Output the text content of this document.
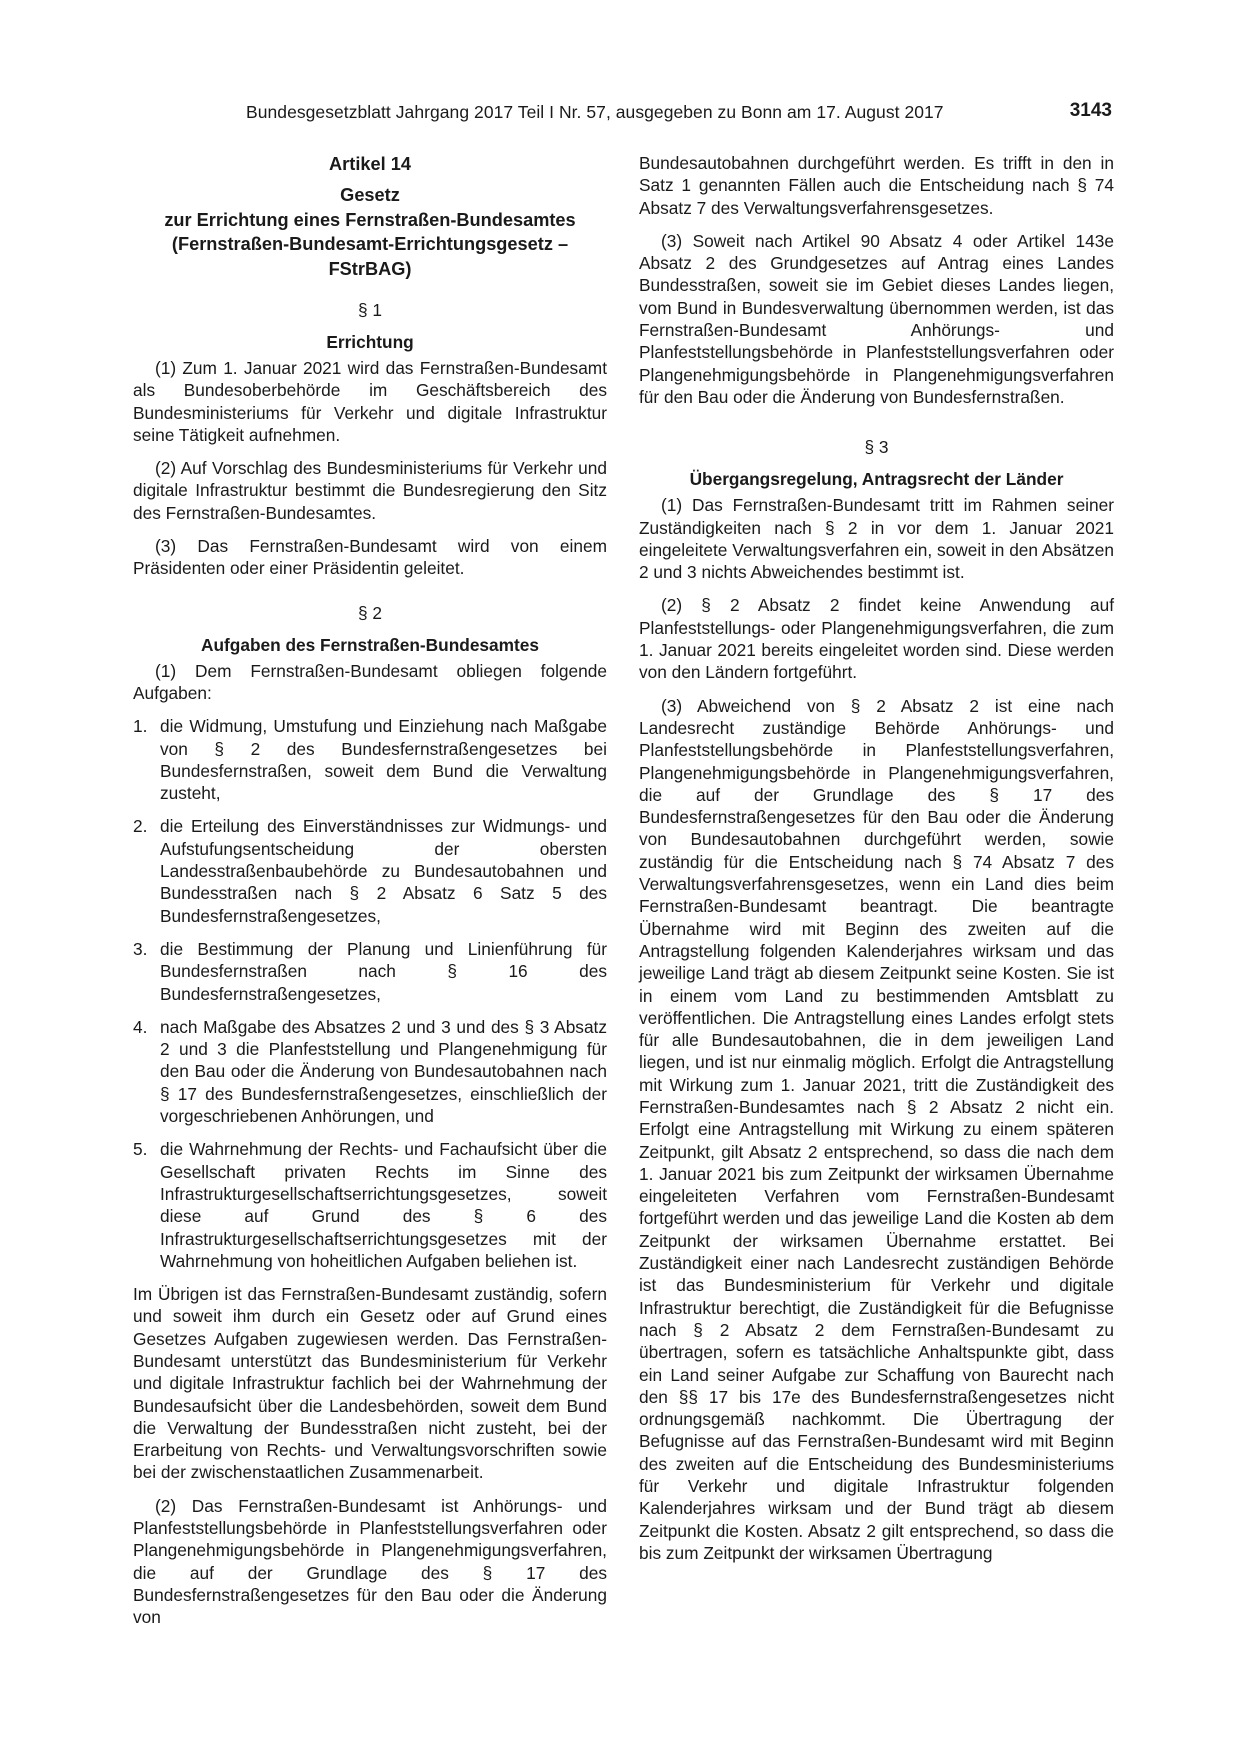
Bundesgesetzblatt Jahrgang 2017 Teil I Nr. 57, ausgegeben zu Bonn am 17. August 2017	3143
Artikel 14
Gesetz
zur Errichtung eines Fernstraßen-Bundesamtes
(Fernstraßen-Bundesamt-Errichtungsgesetz –
FStrBAG)
§ 1
Errichtung

(1) Zum 1. Januar 2021 wird das Fernstraßen-Bundesamt als Bundesoberbehörde im Geschäftsbereich des Bundesministeriums für Verkehr und digitale Infrastruktur seine Tätigkeit aufnehmen.

(2) Auf Vorschlag des Bundesministeriums für Verkehr und digitale Infrastruktur bestimmt die Bundesregierung den Sitz des Fernstraßen-Bundesamtes.

(3) Das Fernstraßen-Bundesamt wird von einem Präsidenten oder einer Präsidentin geleitet.

§ 2
Aufgaben des Fernstraßen-Bundesamtes

(1) Dem Fernstraßen-Bundesamt obliegen folgende Aufgaben:

1. die Widmung, Umstufung und Einziehung nach Maßgabe von § 2 des Bundesfernstraßengesetzes bei Bundesfernstraßen, soweit dem Bund die Verwaltung zusteht,
2. die Erteilung des Einverständnisses zur Widmungs- und Aufstufungsentscheidung der obersten Landesstraßenbaubehörde zu Bundesautobahnen und Bundesstraßen nach § 2 Absatz 6 Satz 5 des Bundesfernstraßengesetzes,
3. die Bestimmung der Planung und Linienführung für Bundesfernstraßen nach § 16 des Bundesfernstraßengesetzes,
4. nach Maßgabe des Absatzes 2 und 3 und des § 3 Absatz 2 und 3 die Planfeststellung und Plangenehmigung für den Bau oder die Änderung von Bundesautobahnen nach § 17 des Bundesfernstraßengesetzes, einschließlich der vorgeschriebenen Anhörungen, und
5. die Wahrnehmung der Rechts- und Fachaufsicht über die Gesellschaft privaten Rechts im Sinne des Infrastrukturgesellschaftserrichtungsgesetzes, soweit diese auf Grund des § 6 des Infrastrukturgesellschaftserrichtungsgesetzes mit der Wahrnehmung von hoheitlichen Aufgaben beliehen ist.

Im Übrigen ist das Fernstraßen-Bundesamt zuständig, sofern und soweit ihm durch ein Gesetz oder auf Grund eines Gesetzes Aufgaben zugewiesen werden. Das Fernstraßen-Bundesamt unterstützt das Bundesministerium für Verkehr und digitale Infrastruktur fachlich bei der Wahrnehmung der Bundesaufsicht über die Landesbehörden, soweit dem Bund die Verwaltung der Bundesstraßen nicht zusteht, bei der Erarbeitung von Rechts- und Verwaltungsvorschriften sowie bei der zwischenstaatlichen Zusammenarbeit.

(2) Das Fernstraßen-Bundesamt ist Anhörungs- und Planfeststellungsbehörde in Planfeststellungsverfahren oder Plangenehmigungsbehörde in Plangenehmigungsverfahren, die auf der Grundlage des § 17 des Bundesfernstraßengesetzes für den Bau oder die Änderung von

Bundesautobahnen durchgeführt werden. Es trifft in den in Satz 1 genannten Fällen auch die Entscheidung nach § 74 Absatz 7 des Verwaltungsverfahrensgesetzes.

(3) Soweit nach Artikel 90 Absatz 4 oder Artikel 143e Absatz 2 des Grundgesetzes auf Antrag eines Landes Bundesstraßen, soweit sie im Gebiet dieses Landes liegen, vom Bund in Bundesverwaltung übernommen werden, ist das Fernstraßen-Bundesamt Anhörungs- und Planfeststellungsbehörde in Planfeststellungsverfahren oder Plangenehmigungsbehörde in Plangenehmigungsverfahren für den Bau oder die Änderung von Bundesfernstraßen.

§ 3
Übergangsregelung, Antragsrecht der Länder

(1) Das Fernstraßen-Bundesamt tritt im Rahmen seiner Zuständigkeiten nach § 2 in vor dem 1. Januar 2021 eingeleitete Verwaltungsverfahren ein, soweit in den Absätzen 2 und 3 nichts Abweichendes bestimmt ist.

(2) § 2 Absatz 2 findet keine Anwendung auf Planfeststellungs- oder Plangenehmigungsverfahren, die zum 1. Januar 2021 bereits eingeleitet worden sind. Diese werden von den Ländern fortgeführt.

(3) Abweichend von § 2 Absatz 2 ist eine nach Landesrecht zuständige Behörde Anhörungs- und Planfeststellungsbehörde in Planfeststellungsverfahren, Plangenehmigungsbehörde in Plangenehmigungsverfahren, die auf der Grundlage des § 17 des Bundesfernstraßengesetzes für den Bau oder die Änderung von Bundesautobahnen durchgeführt werden, sowie zuständig für die Entscheidung nach § 74 Absatz 7 des Verwaltungsverfahrensgesetzes, wenn ein Land dies beim Fernstraßen-Bundesamt beantragt. Die beantragte Übernahme wird mit Beginn des zweiten auf die Antragstellung folgenden Kalenderjahres wirksam und das jeweilige Land trägt ab diesem Zeitpunkt seine Kosten. Sie ist in einem vom Land zu bestimmenden Amtsblatt zu veröffentlichen. Die Antragstellung eines Landes erfolgt stets für alle Bundesautobahnen, die in dem jeweiligen Land liegen, und ist nur einmalig möglich. Erfolgt die Antragstellung mit Wirkung zum 1. Januar 2021, tritt die Zuständigkeit des Fernstraßen-Bundesamtes nach § 2 Absatz 2 nicht ein. Erfolgt eine Antragstellung mit Wirkung zu einem späteren Zeitpunkt, gilt Absatz 2 entsprechend, so dass die nach dem 1. Januar 2021 bis zum Zeitpunkt der wirksamen Übernahme eingeleiteten Verfahren vom Fernstraßen-Bundesamt fortgeführt werden und das jeweilige Land die Kosten ab dem Zeitpunkt der wirksamen Übernahme erstattet. Bei Zuständigkeit einer nach Landesrecht zuständigen Behörde ist das Bundesministerium für Verkehr und digitale Infrastruktur berechtigt, die Zuständigkeit für die Befugnisse nach § 2 Absatz 2 dem Fernstraßen-Bundesamt zu übertragen, sofern es tatsächliche Anhaltspunkte gibt, dass ein Land seiner Aufgabe zur Schaffung von Baurecht nach den §§ 17 bis 17e des Bundesfernstraßengesetzes nicht ordnungsgemäß nachkommt. Die Übertragung der Befugnisse auf das Fernstraßen-Bundesamt wird mit Beginn des zweiten auf die Entscheidung des Bundesministeriums für Verkehr und digitale Infrastruktur folgenden Kalenderjahres wirksam und der Bund trägt ab diesem Zeitpunkt die Kosten. Absatz 2 gilt entsprechend, so dass die bis zum Zeitpunkt der wirksamen Übertragung
